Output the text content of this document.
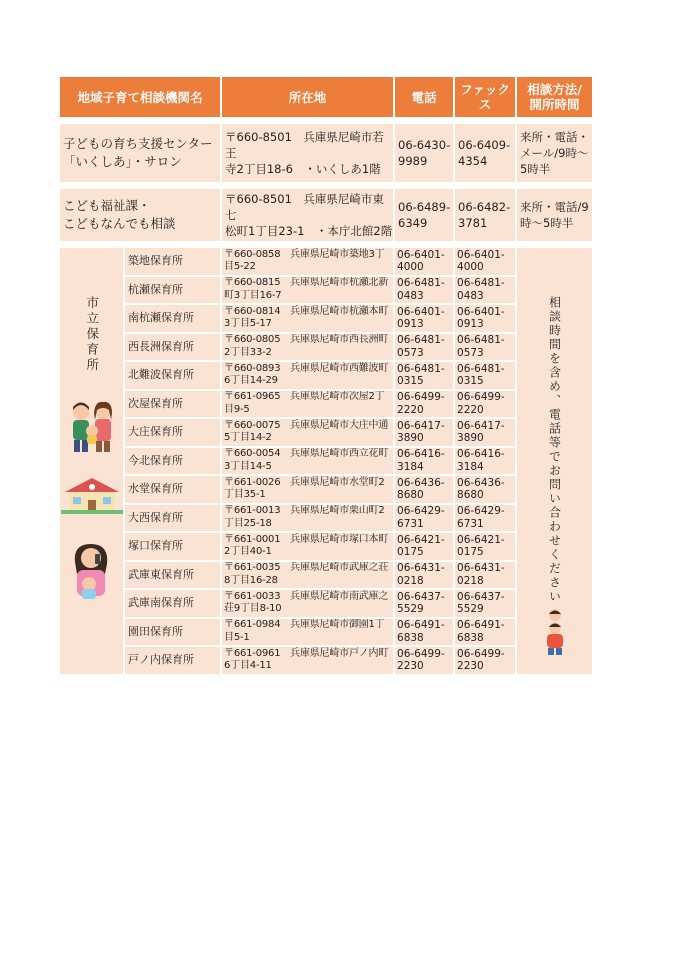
地域子育て相談機関名		所在地	電話	ファックス	相談方法/開所時間

子どもの育ち支援センター
「いくしあ」・サロン		〒660-8501　兵庫県尼崎市若王
寺2丁目18-6　・いくしあ1階	06-6430-
9989	06-6409-
4354	来所・電話・
メール/9時～
5時半

こども福祉課・
こどもなんでも相談		〒660-8501　兵庫県尼崎市東七
松町1丁目23-1　・本庁北館2階	06-6489-
6349	06-6482-
3781	来所・電話/9
時～5時半

市立保育所	築地保育所	〒660-0858　兵庫県尼崎市築地3丁
目5-22	06-6401-
4000	06-6401-
4000	相談時間を含め、電話等でお問い合わせください

	杭瀬保育所	〒660-0815　兵庫県尼崎市杭瀬北新
町3丁目16-7	06-6481-
0483	06-6481-
0483	

	南杭瀬保育所	〒660-0814　兵庫県尼崎市杭瀬本町
3丁目5-17	06-6401-
0913	06-6401-
0913	

	西長洲保育所	〒660-0805　兵庫県尼崎市西長洲町
2丁目33-2	06-6481-
0573	06-6481-
0573	

	北難波保育所	〒660-0893　兵庫県尼崎市西難波町
6丁目14-29	06-6481-
0315	06-6481-
0315	

	次屋保育所	〒661-0965　兵庫県尼崎市次屋2丁
目9-5	06-6499-
2220	06-6499-
2220	

	大庄保育所	〒660-0075　兵庫県尼崎市大庄中通
5丁目14-2	06-6417-
3890	06-6417-
3890	

	今北保育所	〒660-0054　兵庫県尼崎市西立花町
3丁目14-5	06-6416-
3184	06-6416-
3184	

	水堂保育所	〒661-0026　兵庫県尼崎市水堂町2
丁目35-1	06-6436-
8680	06-6436-
8680	

	大西保育所	〒661-0013　兵庫県尼崎市栗山町2
丁目25-18	06-6429-
6731	06-6429-
6731	

	塚口保育所	〒661-0001　兵庫県尼崎市塚口本町
2丁目40-1	06-6421-
0175	06-6421-
0175	

	武庫東保育所	〒661-0035　兵庫県尼崎市武庫之荘
8丁目16-28	06-6431-
0218	06-6431-
0218	

	武庫南保育所	〒661-0033　兵庫県尼崎市南武庫之
荘9丁目8-10	06-6437-
5529	06-6437-
5529	

	園田保育所	〒661-0984　兵庫県尼崎市御園1丁
目5-1	06-6491-
6838	06-6491-
6838	

	戸ノ内保育所	〒661-0961　兵庫県尼崎市戸ノ内町
6丁目4-11	06-6499-
2230	06-6499-
2230	
